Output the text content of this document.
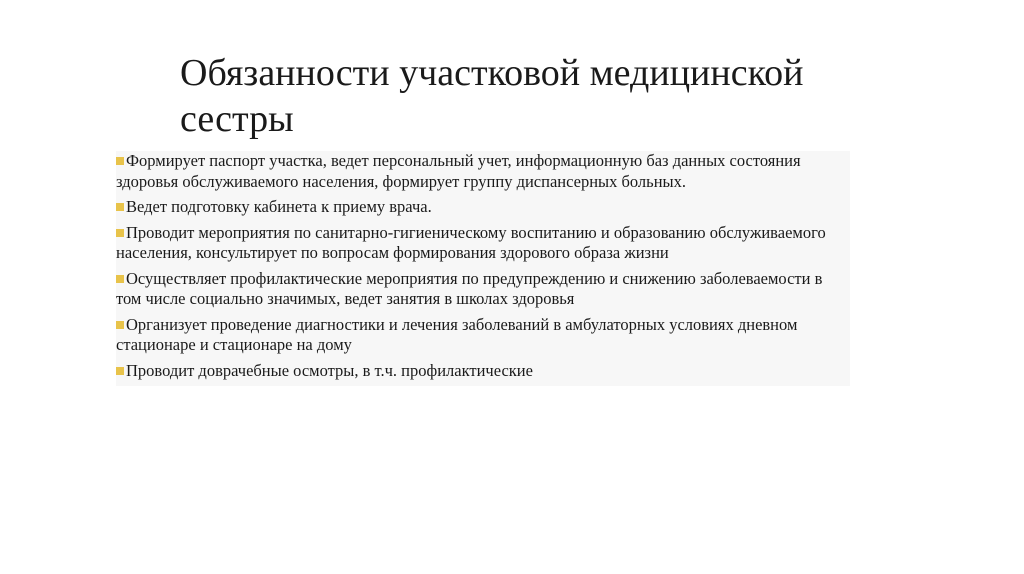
Обязанности участковой медицинской сестры
Формирует паспорт участка, ведет персональный учет, информационную баз данных состояния здоровья обслуживаемого населения, формирует группу диспансерных больных.
Ведет подготовку кабинета к приему врача.
Проводит мероприятия по санитарно-гигиеническому воспитанию и образованию обслуживаемого населения, консультирует по вопросам формирования здорового образа жизни
Осуществляет профилактические мероприятия по предупреждению и снижению заболеваемости в том числе социально значимых, ведет занятия в школах здоровья
Организует проведение диагностики и лечения заболеваний в амбулаторных условиях дневном стационаре и стационаре на дому
Проводит доврачебные осмотры, в т.ч. профилактические
